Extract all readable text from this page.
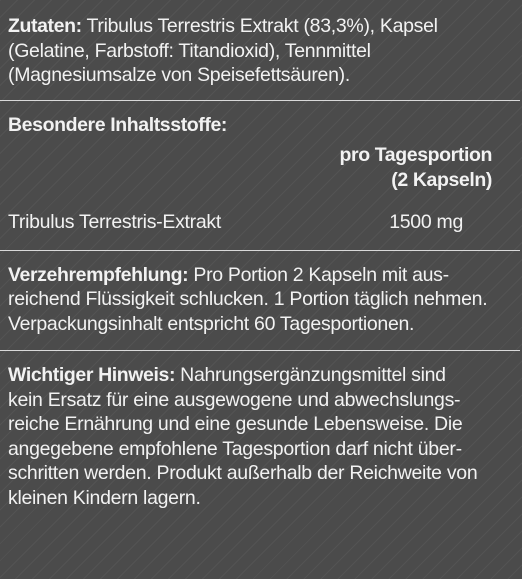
Zutaten: Tribulus Terrestris Extrakt (83,3%), Kapsel
(Gelatine, Farbstoff: Titandioxid), Tennmittel
(Magnesiumsalze von Speisefettsäuren).
Besondere Inhaltsstoffe:
pro Tagesportion
(2 Kapseln)
Tribulus Terrestris-Extrakt	1500 mg
Verzehrempfehlung: Pro Portion 2 Kapseln mit aus-
reichend Flüssigkeit schlucken. 1 Portion täglich nehmen.
Verpackungsinhalt entspricht 60 Tagesportionen.
Wichtiger Hinweis: Nahrungsergänzungsmittel sind
kein Ersatz für eine ausgewogene und abwechslungs-
reiche Ernährung und eine gesunde Lebensweise. Die
angegebene empfohlene Tagesportion darf nicht über-
schritten werden. Produkt außerhalb der Reichweite von
kleinen Kindern lagern.
